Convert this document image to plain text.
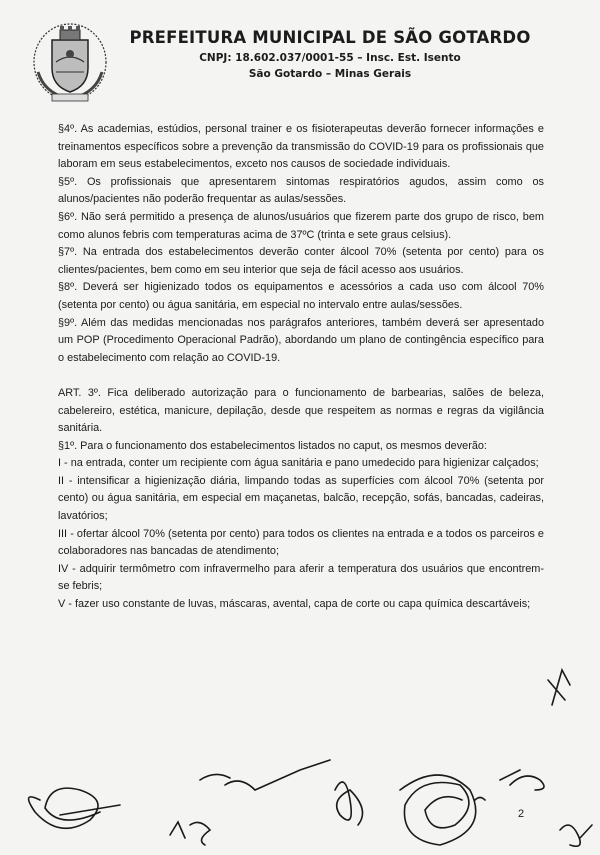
PREFEITURA MUNICIPAL DE SÃO GOTARDO
CNPJ: 18.602.037/0001-55 – Insc. Est. Isento
São Gotardo – Minas Gerais

§4º. As academias, estúdios, personal trainer e os fisioterapeutas deverão fornecer informações e treinamentos específicos sobre a prevenção da transmissão do COVID-19 para os profissionais que laboram em seus estabelecimentos, exceto nos causos de sociedade individuais.

§5º. Os profissionais que apresentarem sintomas respiratórios agudos, assim como os alunos/pacientes não poderão frequentar as aulas/sessões.

§6º. Não será permitido a presença de alunos/usuários que fizerem parte dos grupo de risco, bem como alunos febris com temperaturas acima de 37ºC (trinta e sete graus celsius).

§7º. Na entrada dos estabelecimentos deverão conter álcool 70% (setenta por cento) para os clientes/pacientes, bem como em seu interior que seja de fácil acesso aos usuários.

§8º. Deverá ser higienizado todos os equipamentos e acessórios a cada uso com álcool 70% (setenta por cento) ou água sanitária, em especial no intervalo entre aulas/sessões.

§9º. Além das medidas mencionadas nos parágrafos anteriores, também deverá ser apresentado um POP (Procedimento Operacional Padrão), abordando um plano de contingência específico para o estabelecimento com relação ao COVID-19.

ART. 3º. Fica deliberado autorização para o funcionamento de barbearias, salões de beleza, cabelereiro, estética, manicure, depilação, desde que respeitem as normas e regras da vigilância sanitária.

§1º. Para o funcionamento dos estabelecimentos listados no caput, os mesmos deverão:

I - na entrada, conter um recipiente com água sanitária e pano umedecido para higienizar calçados;

II - intensificar a higienização diária, limpando todas as superfícies com álcool 70% (setenta por cento) ou água sanitária, em especial em maçanetas, balcão, recepção, sofás, bancadas, cadeiras, lavatórios;

III - ofertar álcool 70% (setenta por cento) para todos os clientes na entrada e a todos os parceiros e colaboradores nas bancadas de atendimento;

IV - adquirir termômetro com infravermelho para aferir a temperatura dos usuários que encontrem-se febris;

V - fazer uso constante de luvas, máscaras, avental, capa de corte ou capa química descartáveis;

2
